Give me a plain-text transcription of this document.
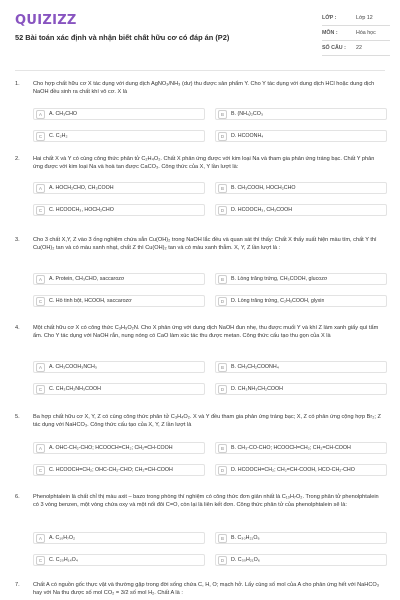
QUIZIZZ
52 Bài toán xác định và nhận biết chất hữu cơ có đáp án (P2)
LỚP :	Lớp 12
MÔN :	Hóa học
SỐ CÂU :	22
1. Cho hợp chất hữu cơ X tác dụng với dung dịch AgNO₃/NH₃ (dư) thu được sản phẩm Y. Cho Y tác dụng với dung dịch HCl hoặc dung dịch NaOH đều sinh ra chất khí vô cơ. X là
A	A. CH₃CHO	B	B. (NH₄)₂CO₃
C	C. C₂H₂	D	D. HCOONH₄
2. Hai chất X và Y có cùng công thức phân tử C₂H₄O₂. Chất X phản ứng được với kim loại Na và tham gia phản ứng tráng bạc. Chất Y phản ứng được với kim loại Na và hoà tan được CaCO₃. Công thức của X, Y lần lượt là:
A	A. HOCH₂CHO, CH₃COOH	B	B. CH₃COOH, HOCH₂CHO
C	C. HCOOCH₃, HOCH₂CHO	D	D. HCOOCH₃, CH₃COOH
3. Cho 3 chất X,Y, Z vào 3 ống nghiệm chứa sẵn Cu(OH)₂ trong NaOH lắc đều và quan sát thì thấy: Chất X thấy xuất hiện màu tím, chất Y thì Cu(OH)₂ tan và có màu xanh nhạt, chất Z thì Cu(OH)₂ tan và có màu xanh thẫm. X, Y, Z lần lượt là :
A	A. Protein, CH₃CHO, saccarozơ	B	B. Lòng trắng trứng, CH₃COOH, glucozơ
C	C. Hồ tinh bột, HCOOH, saccarozơ	D	D. Lòng trắng trứng, C₂H₅COOH, glyxin
4. Một chất hữu cơ X có công thức C₃H₉O₂N. Cho X phản ứng với dung dịch NaOH đun nhẹ, thu được muối Y và khí Z làm xanh giấy quì tẩm ẩm. Cho Y tác dụng với NaOH rắn, nung nóng có CaO làm xúc tác thu được metan. Công thức cấu tạo thu gọn của X là
A	A. CH₃COOH₃NCH₃	B	B. CH₃CH₂COONH₄
C	C. CH₃CH₂NH₃COOH	D	D. CH₃NH₃CH₂COOH
5. Ba hợp chất hữu cơ X, Y, Z có cùng công thức phân tử C₃H₄O₂. X và Y đều tham gia phản ứng tráng bạc; X, Z có phản ứng cộng hợp Br₂; Z tác dụng với NaHCO₃. Công thức cấu tạo của X, Y, Z lần lượt là
A	A. OHC-CH₂-CHO; HCOOCH=CH₂; CH₂=CH-COOH	B	B. CH₃-CO-CHO; HCOOCH=CH₂; CH₂=CH-COOH
C	C. HCOOCH=CH₂; OHC-CH₂-CHO; CH₂=CH-COOH	D	D. HCOOCH=CH₂; CH₂=CH-COOH, HCO-CH₂-CHO
6. Phenolphtalein là chất chỉ thị màu axit – bazo trong phòng thí nghiệm có công thức đơn giản nhất là C₁₀H₇O₂. Trong phân tử phenolphtalein có 3 vòng benzen, một vòng chứa oxy và một nối đôi C=O, còn lại là liên kết đơn. Công thức phân tử của phenolphtalein sẽ là:
A	A. C₁₀H₇O₂	B	B. C₃₀H₂₁O₆
C	C. C₂₀H₁₄O₄	D	D. C₃₀H₂₁O₆
7. Chất A có nguồn gốc thực vật và thường gặp trong đời sống chứa C, H, O; mạch hở. Lấy cùng số mol của A cho phản ứng hết với NaHCO₃ hay với Na thu được số mol CO₂ = 3/2 số mol H₂. Chất A là :
